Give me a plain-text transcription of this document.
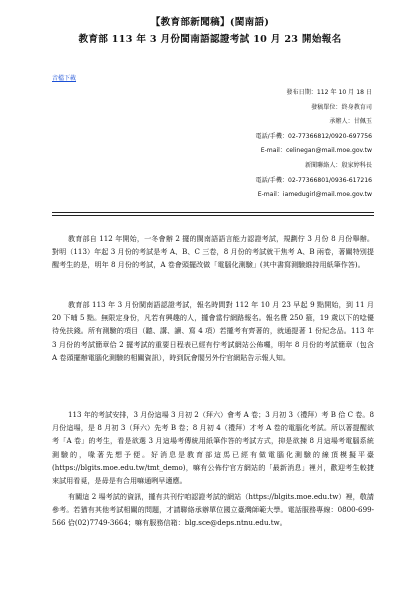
【教育部新聞稿】(閩南語)
教育部 113 年 3 月份閩南語認證考試 10 月 23 開始報名
音檔下載
發布日期：112 年 10 月 18 日
發稿單位：終身教育司
承辦人：甘佩玉
電話/手機：02-77366812/0920-697756
E-mail：celinegan@mail.moe.gov.tw
新聞聯絡人：殷家婷科長
電話/手機：02-77366801/0936-617216
E-mail：iamedugirl@mail.moe.gov.tw

教育部自 112 年開始，一冬會辦 2 擺的閩南語語言能力認證考試，規劃佇 3 月份 8 月份舉辦。對明（113）年起 3 月份的考試是考 A、B、C 三卷，8 月份的考試就干焦考 A、B 兩卷，著關特別提醒考生的是，明年 8 月份的考試，A 卷會頭擺改做「電腦化測驗」(其中書寫測驗維持用紙筆作答)。

教育部 113 年 3 月份閩南語認證考試，報名時間對 112 年 10 月 23 早起 9 點開始，到 11 月 20 下晡 5 點。無限定身份，凡若有興趣的人，攏會當佇網路報名。報名費 250 箍，19 歲以下的唸優待免扶錢。所有測驗的項目（聽、講、讀、寫 4 項）若攏考有齊著的，就通提著 1 份紀念品。113 年 3 月份的考試簡章佮 2 擺考試的重要日程表已經有佇考試網站公佈囉，明年 8 月份的考試簡章（包含 A 卷頭擺辦電腦化測驗的相關資訊），時到阮會閣另外佇官網貼告示報人知。

113 年的考試安排，3 月份這場 3 月初 2（拜六）會考 A 卷；3 月初 3（禮拜）考 B 佮 C 卷。8 月份這場，是 8 月初 3（拜六）先考 B 卷；8 月初 4（禮拜）才考 A 卷的電腦化考試。所以著提醒欲考「A 卷」的考生，看是欲選 3 月這場考傳統用紙筆作答的考試方式，抑是欲揀 8 月這場考電腦系統測驗的，喙著先想予便。好消息是教育部這馬已經有做電腦化測驗的線頂模擬平臺(https://blgits.moe.edu.tw/tmt_demo)，嘛有公佈佇官方網站的「最新消息」裡爿，歡迎考生較捷來試用看覓，是毋是有合用嘛通咧早適應。

有關這 2 場考試的資訊，攏有共刊佇咱認證考試的網站（https://blgits.moe.edu.tw）裡，敬請參考。若猶有其他考試相關的問題，才請聯絡承辦單位國立臺灣師範大學。電話服務專線：0800-699-566 佮(02)7749-3664；嘛有服務信箱：blg.sce@deps.ntnu.edu.tw。
